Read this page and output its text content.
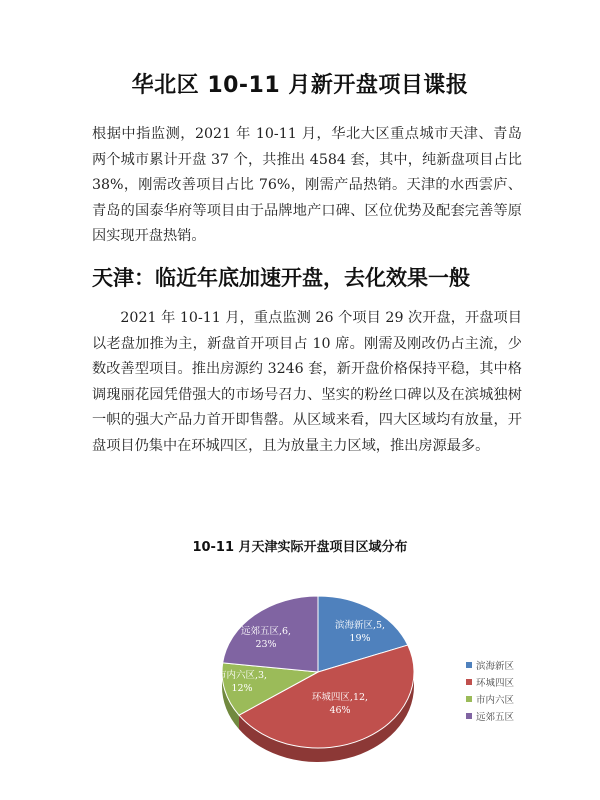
华北区 10-11 月新开盘项目谍报

根据中指监测，2021 年 10-11 月，华北大区重点城市天津、青岛两个城市累计开盘 37 个，共推出 4584 套，其中，纯新盘项目占比 38%，刚需改善项目占比 76%，刚需产品热销。天津的水西雲庐、青岛的国泰华府等项目由于品牌地产口碑、区位优势及配套完善等原因实现开盘热销。

天津：临近年底加速开盘，去化效果一般

2021 年 10-11 月，重点监测 26 个项目 29 次开盘，开盘项目以老盘加推为主，新盘首开项目占 10 席。刚需及刚改仍占主流，少数改善型项目。推出房源约 3246 套，新开盘价格保持平稳，其中格调瑰丽花园凭借强大的市场号召力、坚实的粉丝口碑以及在滨城独树一帜的强大产品力首开即售罄。从区域来看，四大区域均有放量，开盘项目仍集中在环城四区，且为放量主力区域，推出房源最多。

10-11 月天津实际开盘项目区域分布
滨海新区,5, 19%
环城四区,12, 46%
市内六区,3, 12%
远郊五区,6, 23%
滨海新区
环城四区
市内六区
远郊五区
